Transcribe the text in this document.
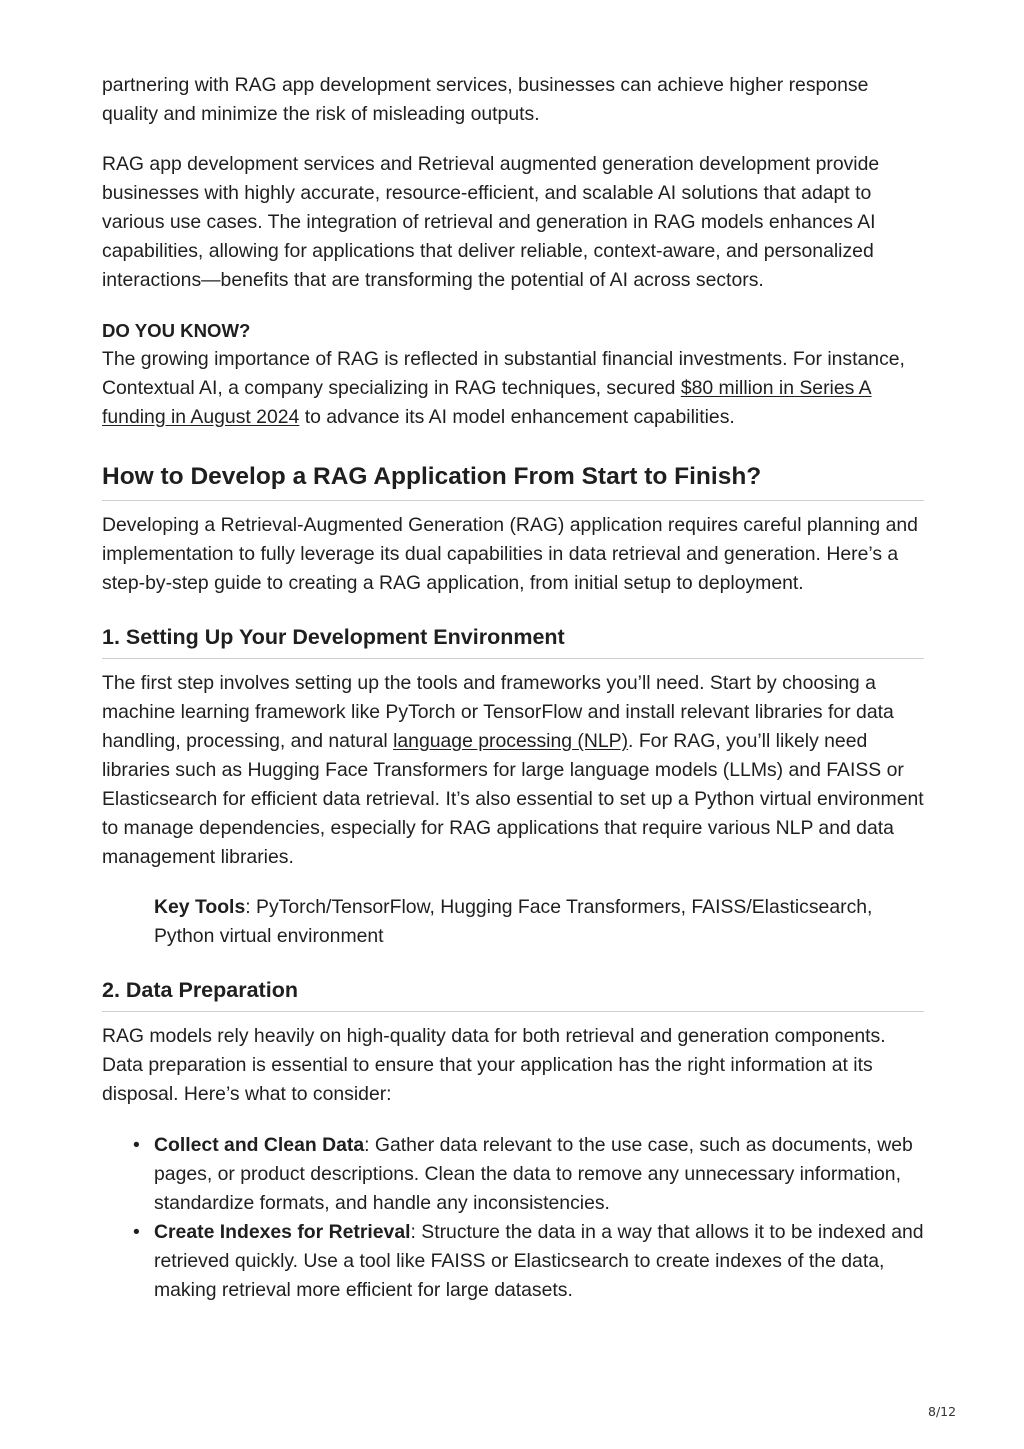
partnering with RAG app development services, businesses can achieve higher response quality and minimize the risk of misleading outputs.

RAG app development services and Retrieval augmented generation development provide businesses with highly accurate, resource-efficient, and scalable AI solutions that adapt to various use cases. The integration of retrieval and generation in RAG models enhances AI capabilities, allowing for applications that deliver reliable, context-aware, and personalized interactions—benefits that are transforming the potential of AI across sectors.

DO YOU KNOW?

The growing importance of RAG is reflected in substantial financial investments. For instance, Contextual AI, a company specializing in RAG techniques, secured $80 million in Series A funding in August 2024 to advance its AI model enhancement capabilities.

How to Develop a RAG Application From Start to Finish?

Developing a Retrieval-Augmented Generation (RAG) application requires careful planning and implementation to fully leverage its dual capabilities in data retrieval and generation. Here’s a step-by-step guide to creating a RAG application, from initial setup to deployment.

1. Setting Up Your Development Environment

The first step involves setting up the tools and frameworks you’ll need. Start by choosing a machine learning framework like PyTorch or TensorFlow and install relevant libraries for data handling, processing, and natural language processing (NLP). For RAG, you’ll likely need libraries such as Hugging Face Transformers for large language models (LLMs) and FAISS or Elasticsearch for efficient data retrieval. It’s also essential to set up a Python virtual environment to manage dependencies, especially for RAG applications that require various NLP and data management libraries.

Key Tools: PyTorch/TensorFlow, Hugging Face Transformers, FAISS/Elasticsearch, Python virtual environment

2. Data Preparation

RAG models rely heavily on high-quality data for both retrieval and generation components. Data preparation is essential to ensure that your application has the right information at its disposal. Here’s what to consider:

• Collect and Clean Data: Gather data relevant to the use case, such as documents, web pages, or product descriptions. Clean the data to remove any unnecessary information, standardize formats, and handle any inconsistencies.
• Create Indexes for Retrieval: Structure the data in a way that allows it to be indexed and retrieved quickly. Use a tool like FAISS or Elasticsearch to create indexes of the data, making retrieval more efficient for large datasets.
8/12
